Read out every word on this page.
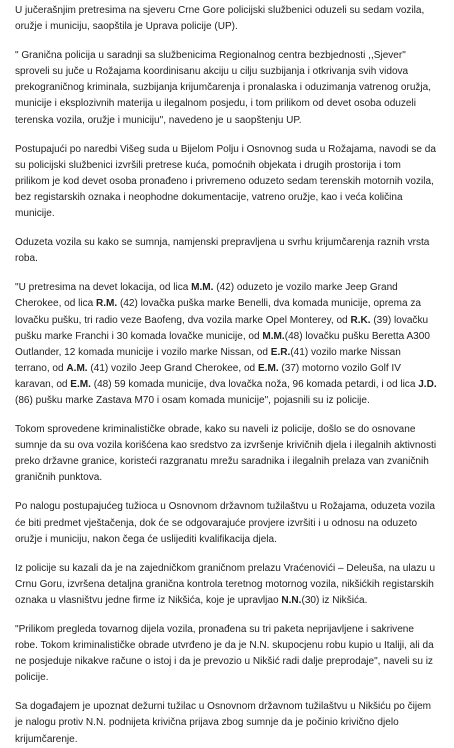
U jučerašnjim pretresima na sjeveru Crne Gore policijski službenici oduzeli su sedam vozila, oružje i municiju, saopštila je Uprava policije (UP).

" Granična policija u saradnji sa službenicima Regionalnog centra bezbjednosti ,,Sjever" sproveli su juče u Rožajama koordinisanu akciju u cilju suzbijanja i otkrivanja svih vidova prekograničnog kriminala, suzbijanja krijumčarenja i pronalaska i oduzimanja vatrenog oružja, municije i eksplozivnih materija u ilegalnom posjedu, i tom prilikom od devet osoba oduzeli terenska vozila, oružje i municiju", navedeno je u saopštenju UP.

Postupajući po naredbi Višeg suda u Bijelom Polju i Osnovnog suda u Rožajama, navodi se da su policijski službenici izvršili pretrese kuća, pomoćnih objekata i drugih prostorija i tom prilikom je kod devet osoba pronađeno i privremeno oduzeto sedam terenskih motornih vozila, bez registarskih oznaka i neophodne dokumentacije, vatreno oružje, kao i veća količina municije.

Oduzeta vozila su kako se sumnja, namjenski prepravljena u svrhu krijumčarenja raznih vrsta roba.

"U pretresima na devet lokacija, od lica M.M. (42) oduzeto je vozilo marke Jeep Grand Cherokee, od lica R.M. (42) lovačka puška marke Benelli, dva komada municije, oprema za lovačku pušku, tri radio veze Baofeng, dva vozila marke Opel Monterey, od R.K. (39) lovačku pušku marke Franchi i 30 komada lovačke municije, od M.M.(48) lovačku pušku Beretta A300 Outlander, 12 komada municije i vozilo marke Nissan, od E.R.(41) vozilo marke Nissan terrano, od A.M. (41) vozilo Jeep Grand Cherokee, od E.M. (37) motorno vozilo Golf IV karavan, od E.M. (48) 59 komada municije, dva lovačka noža, 96 komada petardi, i od lica J.D.(86) pušku marke Zastava M70 i osam komada municije", pojasnili su iz policije.

Tokom sprovedene kriminalističke obrade, kako su naveli iz policije, došlo se do osnovane sumnje da su ova vozila korišćena kao sredstvo za izvršenje krivičnih djela i ilegalnih aktivnosti preko državne granice, koristeći razgranatu mrežu saradnika i ilegalnih prelaza van zvaničnih graničnih punktova.

Po nalogu postupajućeg tužioca u Osnovnom državnom tužilaštvu u Rožajama, oduzeta vozila će biti predmet vještačenja, dok će se odgovarajuće provjere izvršiti i u odnosu na oduzeto oružje i municiju, nakon čega će uslijediti kvalifikacija djela.

Iz policije su kazali da je na zajedničkom graničnom prelazu Vraćenovići – Deleuša, na ulazu u Crnu Goru, izvršena detaljna granična kontrola teretnog motornog vozila, nikšićkih registarskih oznaka u vlasništvu jedne firme iz Nikšića, koje je upravljao N.N.(30) iz Nikšića.

"Prilikom pregleda tovarnog dijela vozila, pronađena su tri paketa neprijavljene i sakrivene robe. Tokom kriminalističke obrade utvrđeno je da je N.N. skupocjenu robu kupio u Italiji, ali da ne posjeduje nikakve račune o istoj i da je prevozio u Nikšić radi dalje preprodaje", naveli su iz policije.

Sa događajem je upoznat dežurni tužilac u Osnovnom državnom tužilaštvu u Nikšiću po čijem je nalogu protiv N.N. podnijeta krivična prijava zbog sumnje da je počinio krivično djelo krijumčarenje.
